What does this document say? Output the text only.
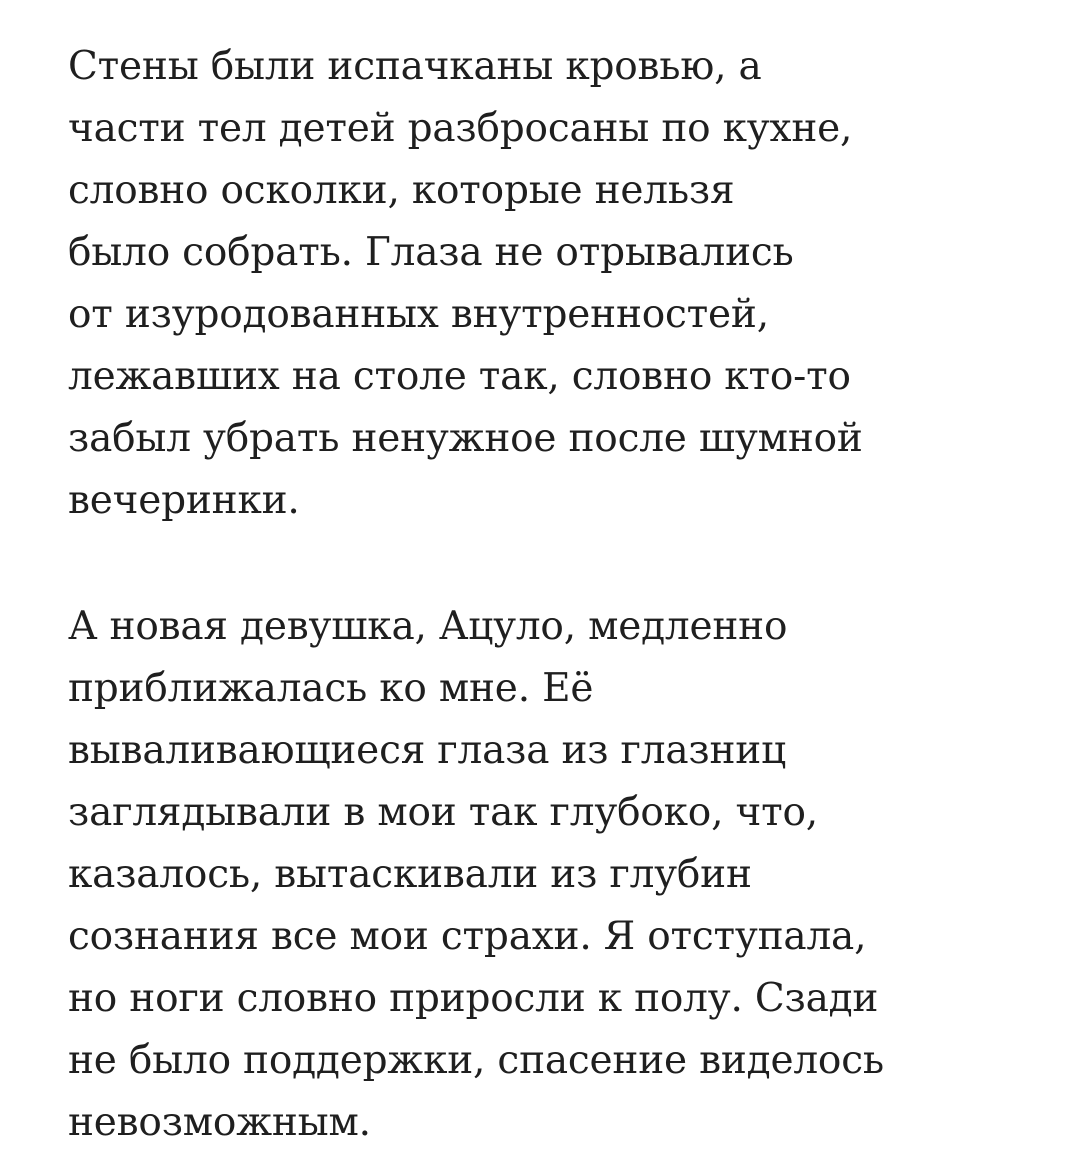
Стены были испачканы кровью, а
части тел детей разбросаны по кухне,
словно осколки, которые нельзя
было собрать. Глаза не отрывались
от изуродованных внутренностей,
лежавших на столе так, словно кто-то
забыл убрать ненужное после шумной
вечеринки.

А новая девушка, Ацуло, медленно
приближалась ко мне. Её
вываливающиеся глаза из глазниц
заглядывали в мои так глубоко, что,
казалось, вытаскивали из глубин
сознания все мои страхи. Я отступала,
но ноги словно приросли к полу. Сзади
не было поддержки, спасение виделось
невозможным.
